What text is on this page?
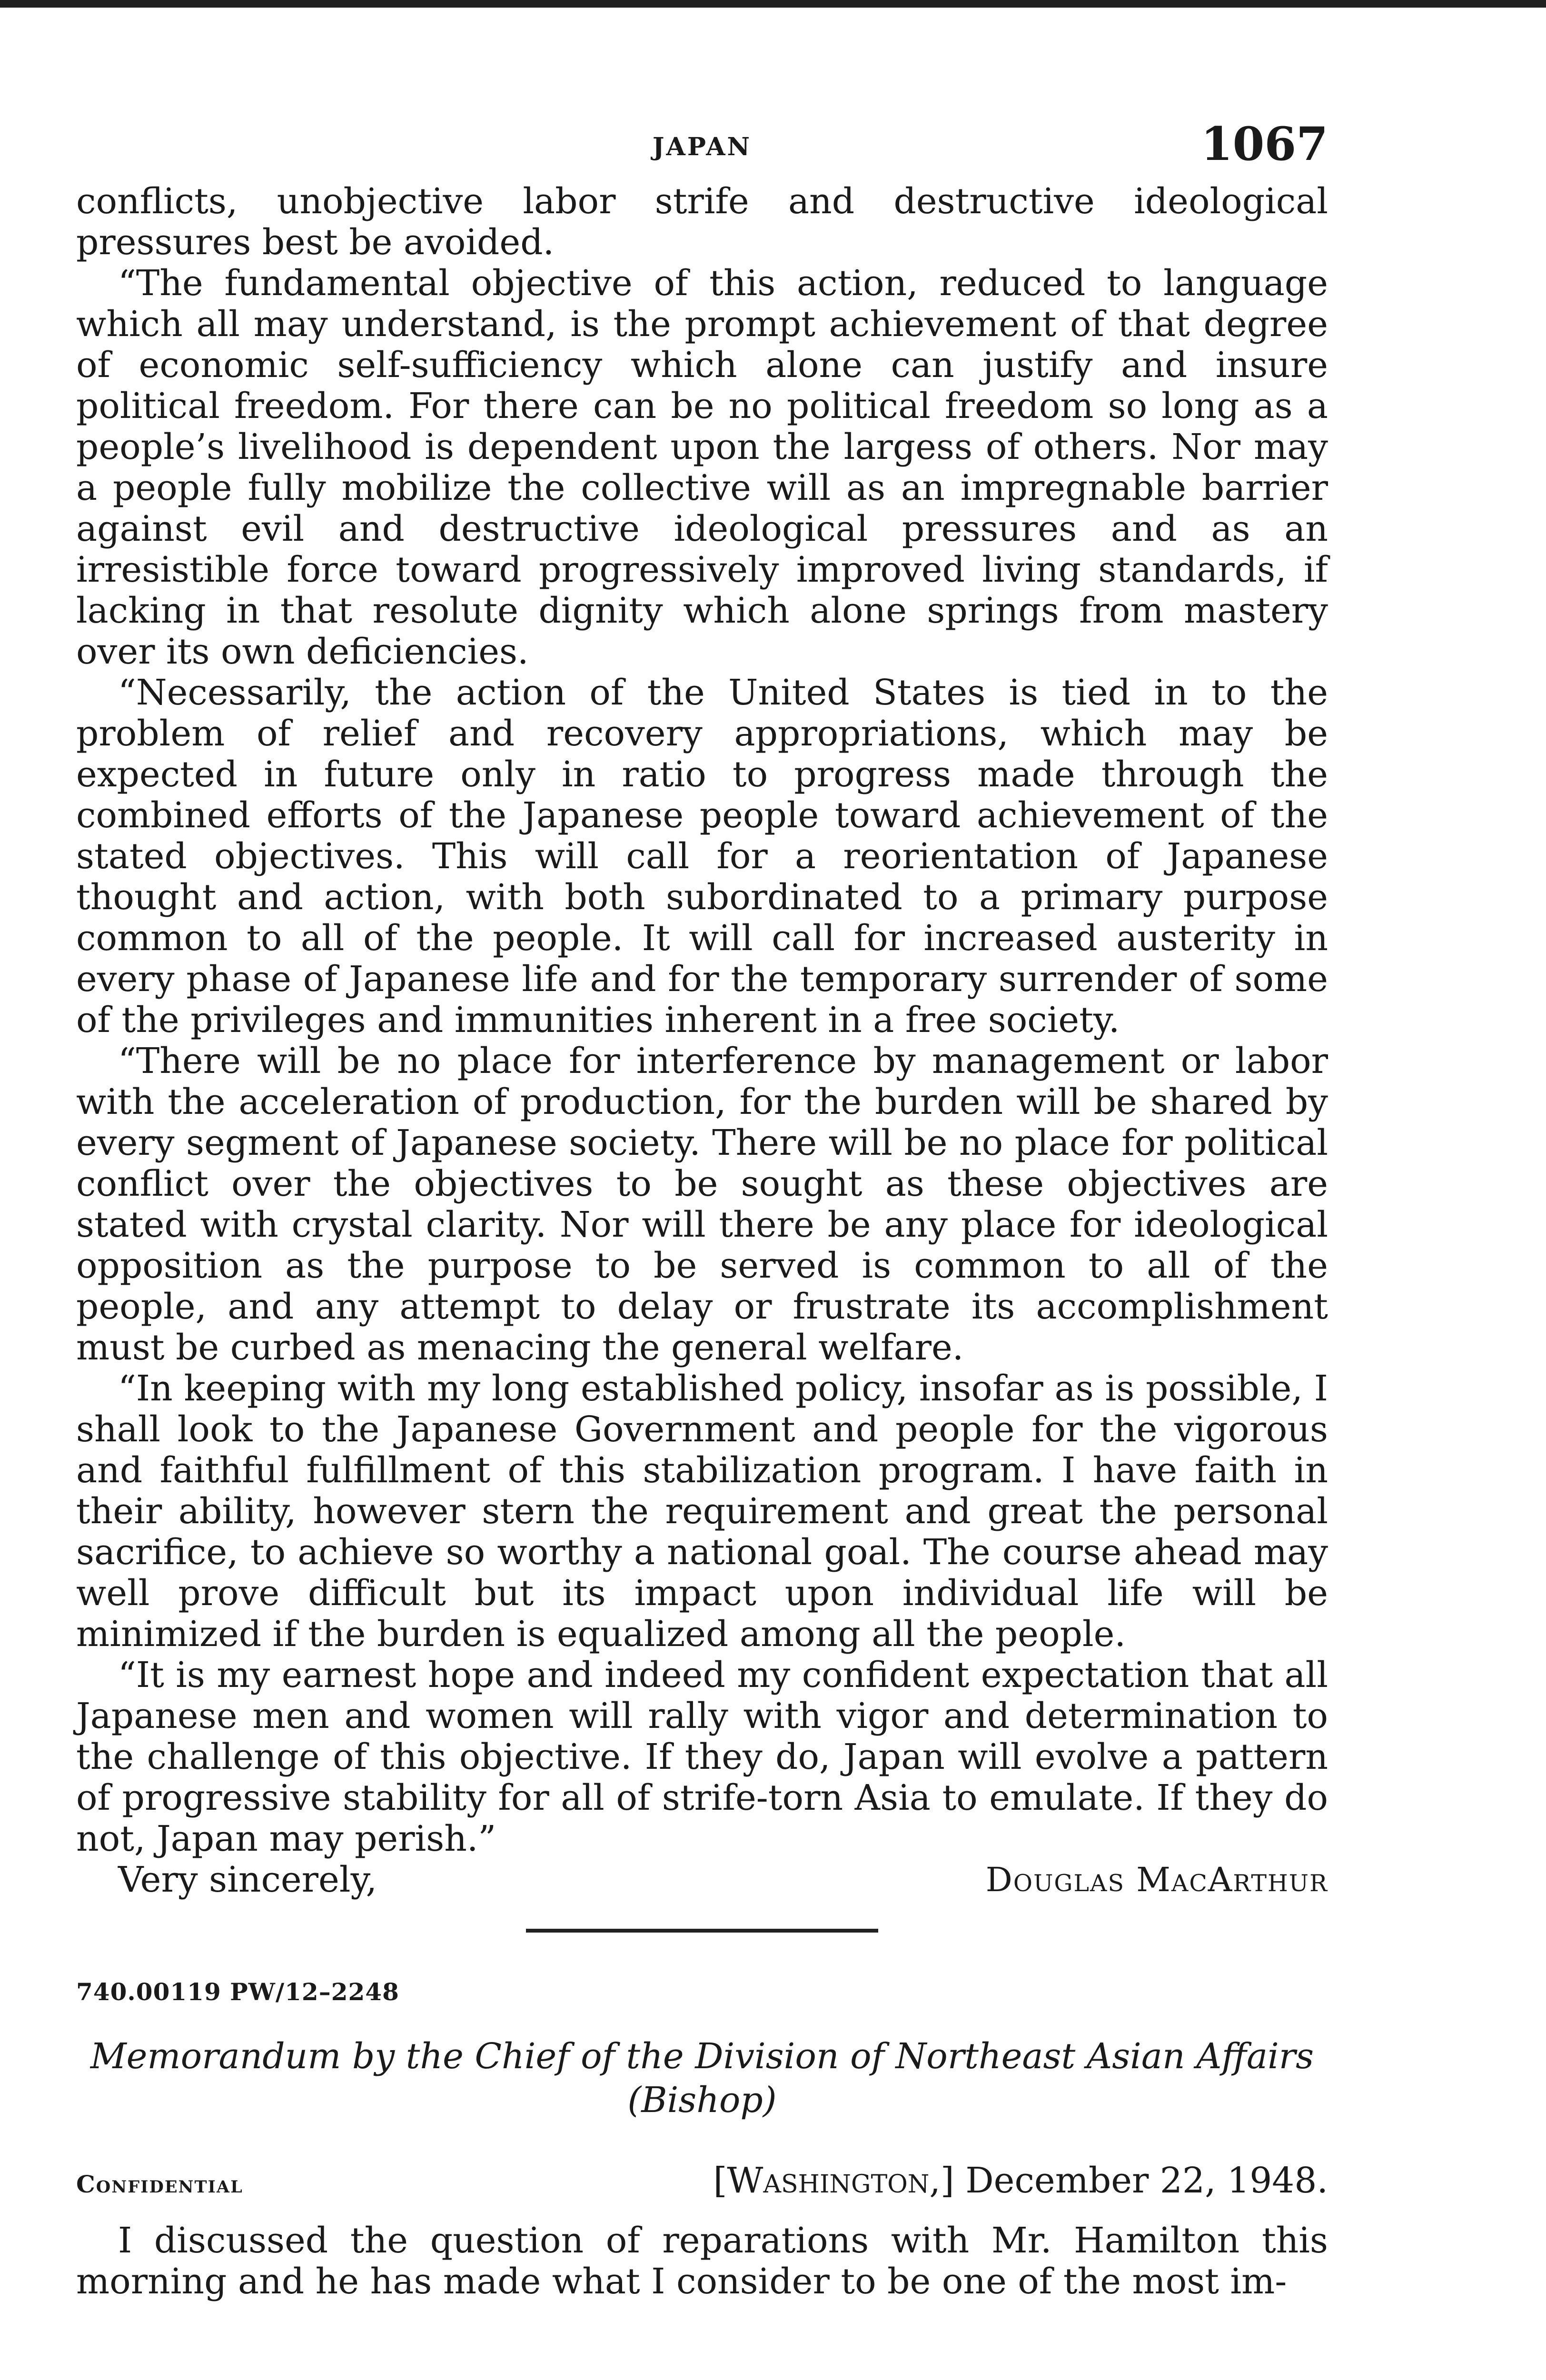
JAPAN	1067

conflicts, unobjective labor strife and destructive ideological pressures best be avoided.

“The fundamental objective of this action, reduced to language which all may understand, is the prompt achievement of that degree of economic self-sufficiency which alone can justify and insure political freedom. For there can be no political freedom so long as a people’s livelihood is dependent upon the largess of others. Nor may a people fully mobilize the collective will as an impregnable barrier against evil and destructive ideological pressures and as an irresistible force toward progressively improved living standards, if lacking in that resolute dignity which alone springs from mastery over its own deficiencies.

“Necessarily, the action of the United States is tied in to the problem of relief and recovery appropriations, which may be expected in future only in ratio to progress made through the combined efforts of the Japanese people toward achievement of the stated objectives. This will call for a reorientation of Japanese thought and action, with both subordinated to a primary purpose common to all of the people. It will call for increased austerity in every phase of Japanese life and for the temporary surrender of some of the privileges and immunities inherent in a free society.

“There will be no place for interference by management or labor with the acceleration of production, for the burden will be shared by every segment of Japanese society. There will be no place for political conflict over the objectives to be sought as these objectives are stated with crystal clarity. Nor will there be any place for ideological opposition as the purpose to be served is common to all of the people, and any attempt to delay or frustrate its accomplishment must be curbed as menacing the general welfare.

“In keeping with my long established policy, insofar as is possible, I shall look to the Japanese Government and people for the vigorous and faithful fulfillment of this stabilization program. I have faith in their ability, however stern the requirement and great the personal sacrifice, to achieve so worthy a national goal. The course ahead may well prove difficult but its impact upon individual life will be minimized if the burden is equalized among all the people.

“It is my earnest hope and indeed my confident expectation that all Japanese men and women will rally with vigor and determination to the challenge of this objective. If they do, Japan will evolve a pattern of progressive stability for all of strife-torn Asia to emulate. If they do not, Japan may perish.”

Very sincerely,	Douglas MacArthur
740.00119 PW/12–2248
Memorandum by the Chief of the Division of Northeast Asian Affairs
(Bishop)
Confidential	[Washington,] December 22, 1948.

I discussed the question of reparations with Mr. Hamilton this morning and he has made what I consider to be one of the most im-
